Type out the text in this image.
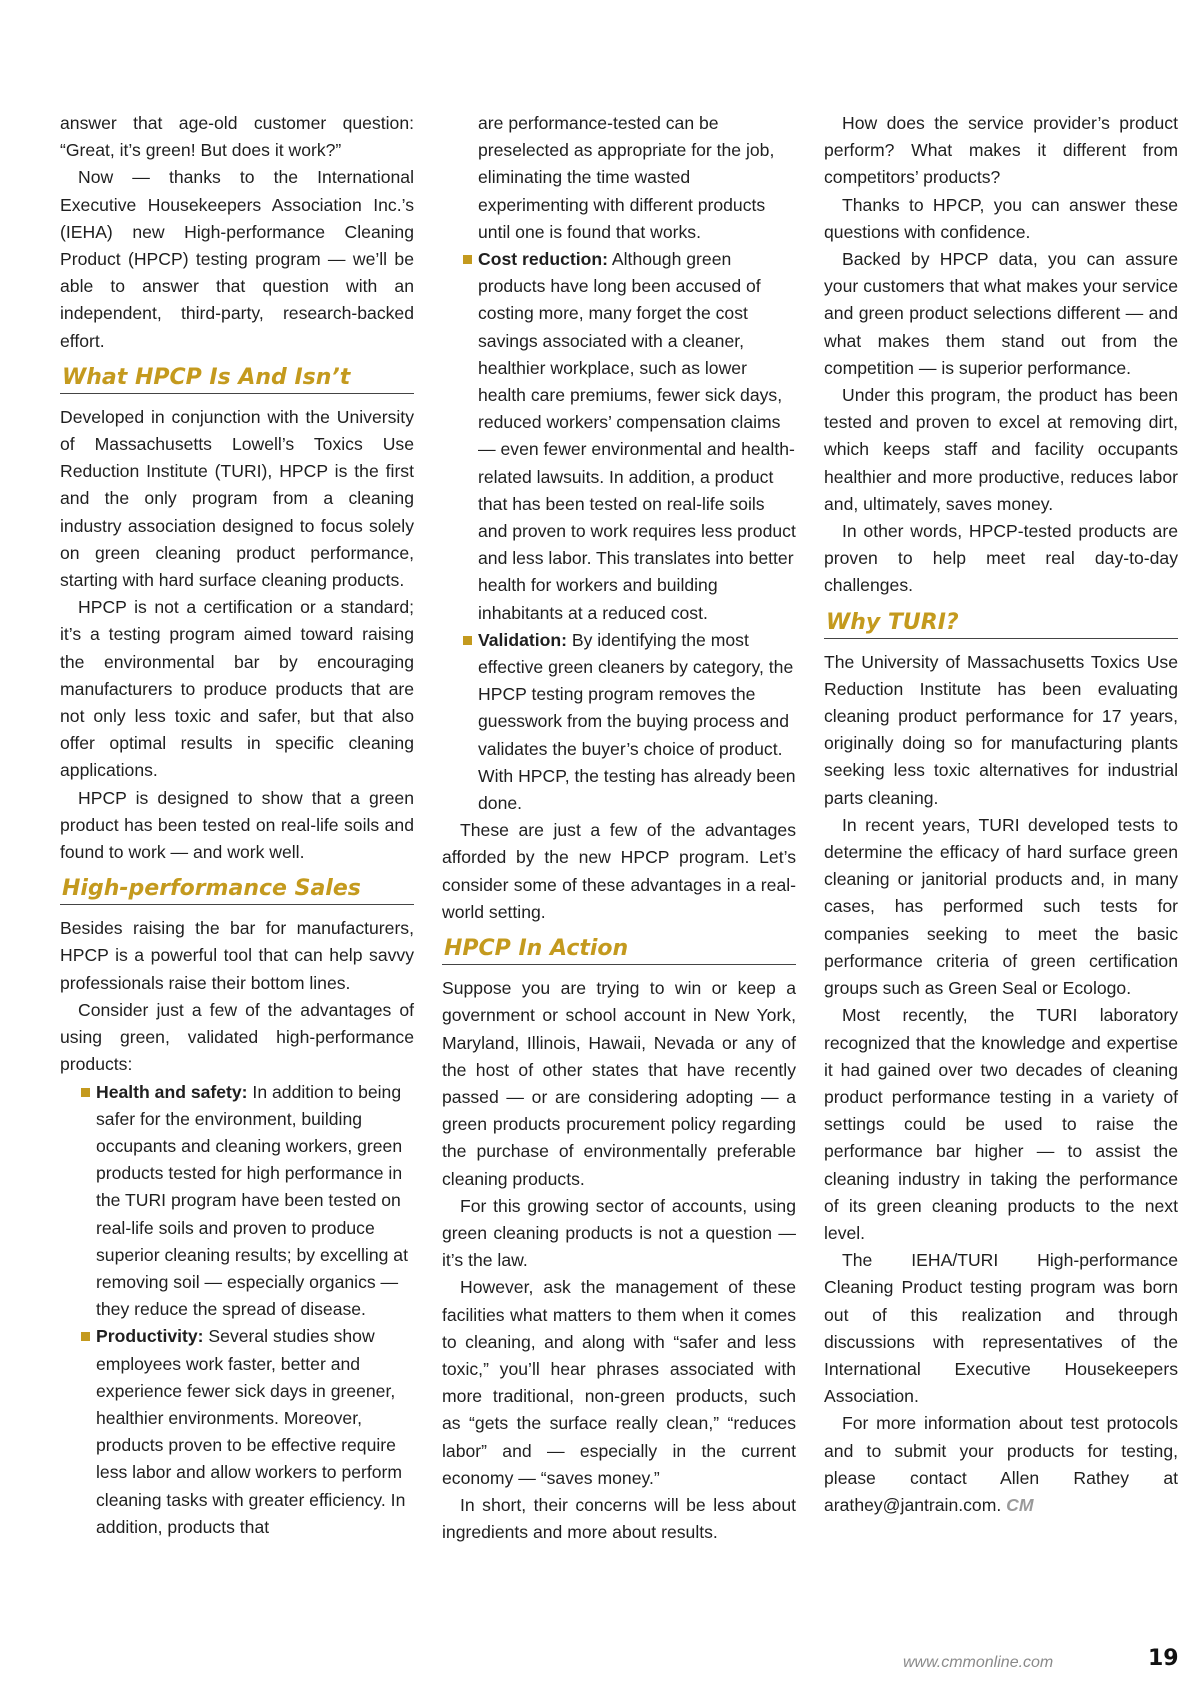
answer that age-old customer question: “Great, it’s green! But does it work?”

Now — thanks to the International Executive Housekeepers Association Inc.’s (IEHA) new High-performance Cleaning Product (HPCP) testing program — we’ll be able to answer that question with an independent, third-party, research-backed effort.

What HPCP Is And Isn’t

Developed in conjunction with the University of Massachusetts Lowell’s Toxics Use Reduction Institute (TURI), HPCP is the first and the only program from a cleaning industry association designed to focus solely on green cleaning product performance, starting with hard surface cleaning products.

HPCP is not a certification or a standard; it’s a testing program aimed toward raising the environmental bar by encouraging manufacturers to produce products that are not only less toxic and safer, but that also offer optimal results in specific cleaning applications.

HPCP is designed to show that a green product has been tested on real-life soils and found to work — and work well.

High-performance Sales

Besides raising the bar for manufacturers, HPCP is a powerful tool that can help savvy professionals raise their bottom lines.

Consider just a few of the advantages of using green, validated high-performance products:

Health and safety: In addition to being safer for the environment, building occupants and cleaning workers, green products tested for high performance in the TURI program have been tested on real-life soils and proven to produce superior cleaning results; by excelling at removing soil — especially organics — they reduce the spread of disease.

Productivity: Several studies show employees work faster, better and experience fewer sick days in greener, healthier environments. Moreover, products proven to be effective require less labor and allow workers to perform cleaning tasks with greater efficiency. In addition, products that

are performance-tested can be preselected as appropriate for the job, eliminating the time wasted experimenting with different products until one is found that works.

Cost reduction: Although green products have long been accused of costing more, many forget the cost savings associated with a cleaner, healthier workplace, such as lower health care premiums, fewer sick days, reduced workers’ compensation claims — even fewer environmental and health-related lawsuits. In addition, a product that has been tested on real-life soils and proven to work requires less product and less labor. This translates into better health for workers and building inhabitants at a reduced cost.

Validation: By identifying the most effective green cleaners by category, the HPCP testing program removes the guesswork from the buying process and validates the buyer’s choice of product. With HPCP, the testing has already been done.

These are just a few of the advantages afforded by the new HPCP program. Let’s consider some of these advantages in a real-world setting.

HPCP In Action

Suppose you are trying to win or keep a government or school account in New York, Maryland, Illinois, Hawaii, Nevada or any of the host of other states that have recently passed — or are considering adopting — a green products procurement policy regarding the purchase of environmentally preferable cleaning products.

For this growing sector of accounts, using green cleaning products is not a question — it’s the law.

However, ask the management of these facilities what matters to them when it comes to cleaning, and along with “safer and less toxic,” you’ll hear phrases associated with more traditional, non-green products, such as “gets the surface really clean,” “reduces labor” and — especially in the current economy — “saves money.”

In short, their concerns will be less about ingredients and more about results.

How does the service provider’s product perform? What makes it different from competitors’ products?

Thanks to HPCP, you can answer these questions with confidence.

Backed by HPCP data, you can assure your customers that what makes your service and green product selections different — and what makes them stand out from the competition — is superior performance.

Under this program, the product has been tested and proven to excel at removing dirt, which keeps staff and facility occupants healthier and more productive, reduces labor and, ultimately, saves money.

In other words, HPCP-tested products are proven to help meet real day-to-day challenges.

Why TURI?

The University of Massachusetts Toxics Use Reduction Institute has been evaluating cleaning product performance for 17 years, originally doing so for manufacturing plants seeking less toxic alternatives for industrial parts cleaning.

In recent years, TURI developed tests to determine the efficacy of hard surface green cleaning or janitorial products and, in many cases, has performed such tests for companies seeking to meet the basic performance criteria of green certification groups such as Green Seal or Ecologo.

Most recently, the TURI laboratory recognized that the knowledge and expertise it had gained over two decades of cleaning product performance testing in a variety of settings could be used to raise the performance bar higher — to assist the cleaning industry in taking the performance of its green cleaning products to the next level.

The IEHA/TURI High-performance Cleaning Product testing program was born out of this realization and through discussions with representatives of the International Executive Housekeepers Association.

For more information about test protocols and to submit your products for testing, please contact Allen Rathey at arathey@jantrain.com. CM

www.cmmonline.com	19
